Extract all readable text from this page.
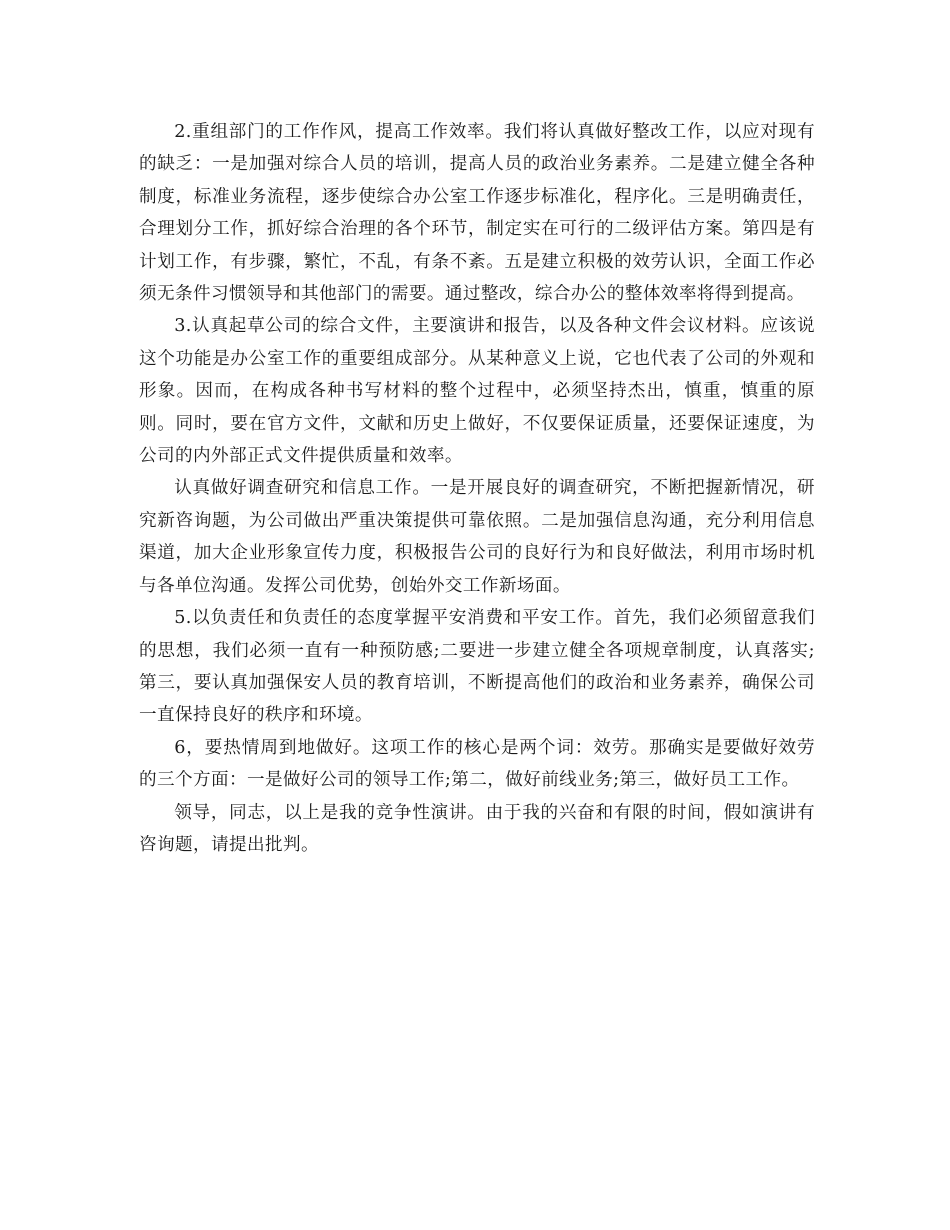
2.重组部门的工作作风，提高工作效率。我们将认真做好整改工作，以应对现有的缺乏：一是加强对综合人员的培训，提高人员的政治业务素养。二是建立健全各种制度，标准业务流程，逐步使综合办公室工作逐步标准化，程序化。三是明确责任，合理划分工作，抓好综合治理的各个环节，制定实在可行的二级评估方案。第四是有计划工作，有步骤，繁忙，不乱，有条不紊。五是建立积极的效劳认识，全面工作必须无条件习惯领导和其他部门的需要。通过整改，综合办公的整体效率将得到提高。

3.认真起草公司的综合文件，主要演讲和报告，以及各种文件会议材料。应该说这个功能是办公室工作的重要组成部分。从某种意义上说，它也代表了公司的外观和形象。因而，在构成各种书写材料的整个过程中，必须坚持杰出，慎重，慎重的原则。同时，要在官方文件，文献和历史上做好，不仅要保证质量，还要保证速度，为公司的内外部正式文件提供质量和效率。

认真做好调查研究和信息工作。一是开展良好的调查研究，不断把握新情况，研究新咨询题，为公司做出严重决策提供可靠依照。二是加强信息沟通，充分利用信息渠道，加大企业形象宣传力度，积极报告公司的良好行为和良好做法，利用市场时机与各单位沟通。发挥公司优势，创始外交工作新场面。

5.以负责任和负责任的态度掌握平安消费和平安工作。首先，我们必须留意我们的思想，我们必须一直有一种预防感;二要进一步建立健全各项规章制度，认真落实;第三，要认真加强保安人员的教育培训，不断提高他们的政治和业务素养，确保公司一直保持良好的秩序和环境。

6，要热情周到地做好。这项工作的核心是两个词：效劳。那确实是要做好效劳的三个方面：一是做好公司的领导工作;第二，做好前线业务;第三，做好员工工作。

领导，同志，以上是我的竞争性演讲。由于我的兴奋和有限的时间，假如演讲有咨询题，请提出批判。
